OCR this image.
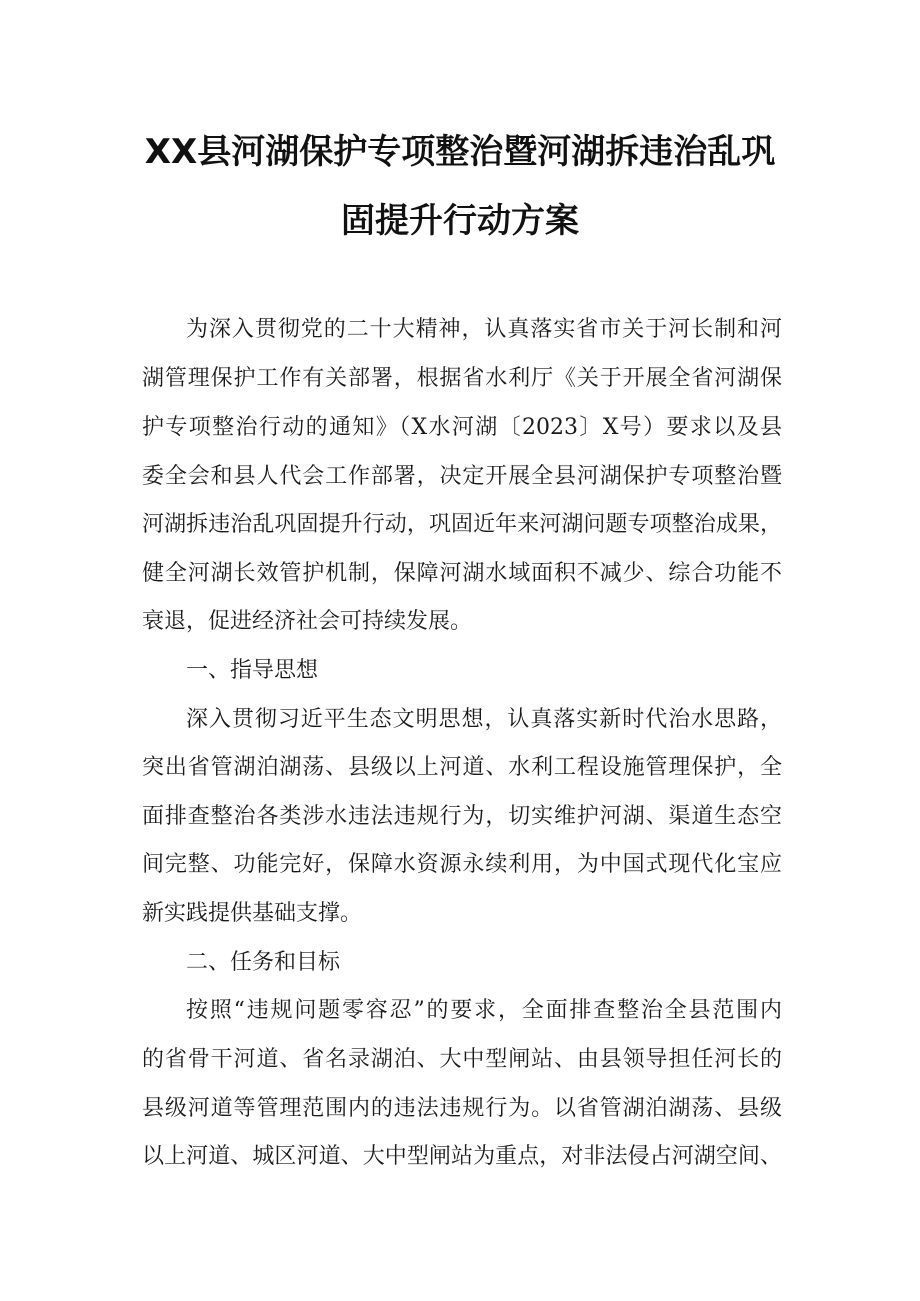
XX县河湖保护专项整治暨河湖拆违治乱巩
固提升行动方案

为深入贯彻党的二十大精神，认真落实省市关于河长制和河

湖管理保护工作有关部署，根据省水利厅《关于开展全省河湖保

护专项整治行动的通知》（X水河湖〔2023〕X号）要求以及县

委全会和县人代会工作部署，决定开展全县河湖保护专项整治暨

河湖拆违治乱巩固提升行动，巩固近年来河湖问题专项整治成果，

健全河湖长效管护机制，保障河湖水域面积不减少、综合功能不

衰退，促进经济社会可持续发展。

一、指导思想

深入贯彻习近平生态文明思想，认真落实新时代治水思路，

突出省管湖泊湖荡、县级以上河道、水利工程设施管理保护，全

面排查整治各类涉水违法违规行为，切实维护河湖、渠道生态空

间完整、功能完好，保障水资源永续利用，为中国式现代化宝应

新实践提供基础支撑。

二、任务和目标

按照“违规问题零容忍”的要求，全面排查整治全县范围内

的省骨干河道、省名录湖泊、大中型闸站、由县领导担任河长的

县级河道等管理范围内的违法违规行为。以省管湖泊湖荡、县级

以上河道、城区河道、大中型闸站为重点，对非法侵占河湖空间、
